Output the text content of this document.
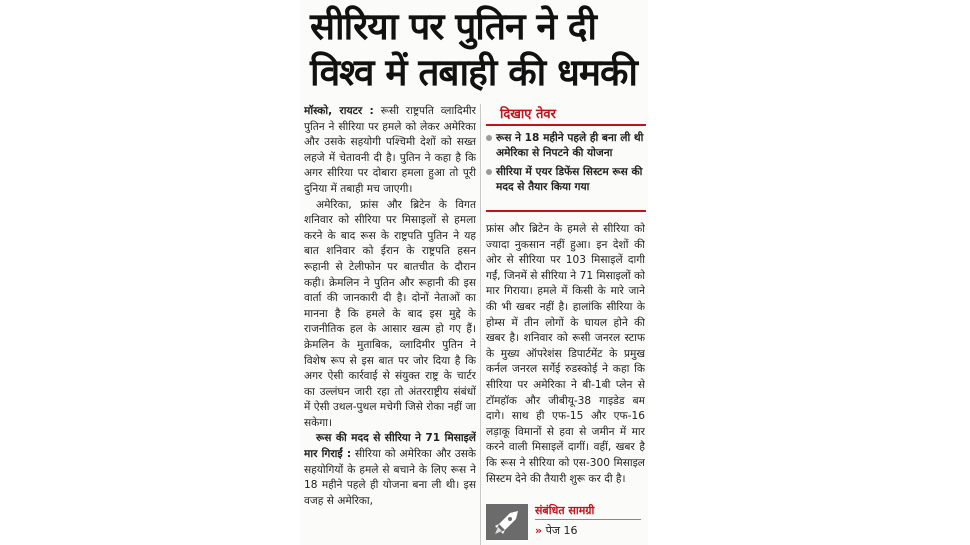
सीरिया पर पुतिन ने दी
विश्व में तबाही की धमकी

मॉस्को, रायटर : रूसी राष्ट्रपति व्लादिमीर पुतिन ने सीरिया पर हमले को लेकर अमेरिका और उसके सहयोगी पश्चिमी देशों को सख्त लहजे में चेतावनी दी है। पुतिन ने कहा है कि अगर सीरिया पर दोबारा हमला हुआ तो पूरी दुनिया में तबाही मच जाएगी।

अमेरिका, फ्रांस और ब्रिटेन के विगत शनिवार को सीरिया पर मिसाइलों से हमला करने के बाद रूस के राष्ट्रपति पुतिन ने यह बात शनिवार को ईरान के राष्ट्रपति हसन रूहानी से टेलीफोन पर बातचीत के दौरान कही। क्रेमलिन ने पुतिन और रूहानी की इस वार्ता की जानकारी दी है। दोनों नेताओं का मानना है कि हमले के बाद इस मुद्दे के राजनीतिक हल के आसार खत्म हो गए हैं। क्रेमलिन के मुताबिक, व्लादिमीर पुतिन ने विशेष रूप से इस बात पर जोर दिया है कि अगर ऐसी कार्रवाई से संयुक्त राष्ट्र के चार्टर का उल्लंघन जारी रहा तो अंतरराष्ट्रीय संबंधों में ऐसी उथल-पुथल मचेगी जिसे रोका नहीं जा सकेगा।

रूस की मदद से सीरिया ने 71 मिसाइलें मार गिराईं : सीरिया को अमेरिका और उसके सहयोगियों के हमले से बचाने के लिए रूस ने 18 महीने पहले ही योजना बना ली थी। इस वजह से अमेरिका,

दिखाए तेवर
रूस ने 18 महीने पहले ही बना ली थी अमेरिका से निपटने की योजना
सीरिया में एयर डिफेंस सिस्टम रूस की मदद से तैयार किया गया

फ्रांस और ब्रिटेन के हमले से सीरिया को ज्यादा नुकसान नहीं हुआ। इन देशों की ओर से सीरिया पर 103 मिसाइलें दागी गईं, जिनमें से सीरिया ने 71 मिसाइलों को मार गिराया। हमले में किसी के मारे जाने की भी खबर नहीं है। हालांकि सीरिया के होम्स में तीन लोगों के घायल होने की खबर है। शनिवार को रूसी जनरल स्टाफ के मुख्य ऑपरेशंस डिपार्टमेंट के प्रमुख कर्नल जनरल सर्गेई रुडस्कोई ने कहा कि सीरिया पर अमेरिका ने बी-1बी प्लेन से टॉमहॉक और जीबीयू-38 गाइडेड बम दागे। साथ ही एफ-15 और एफ-16 लड़ाकू विमानों से हवा से जमीन में मार करने वाली मिसाइलें दागीं। वहीं, खबर है कि रूस ने सीरिया को एस-300 मिसाइल सिस्टम देने की तैयारी शुरू कर दी है।

संबंधित सामग्री
» पेज 16
